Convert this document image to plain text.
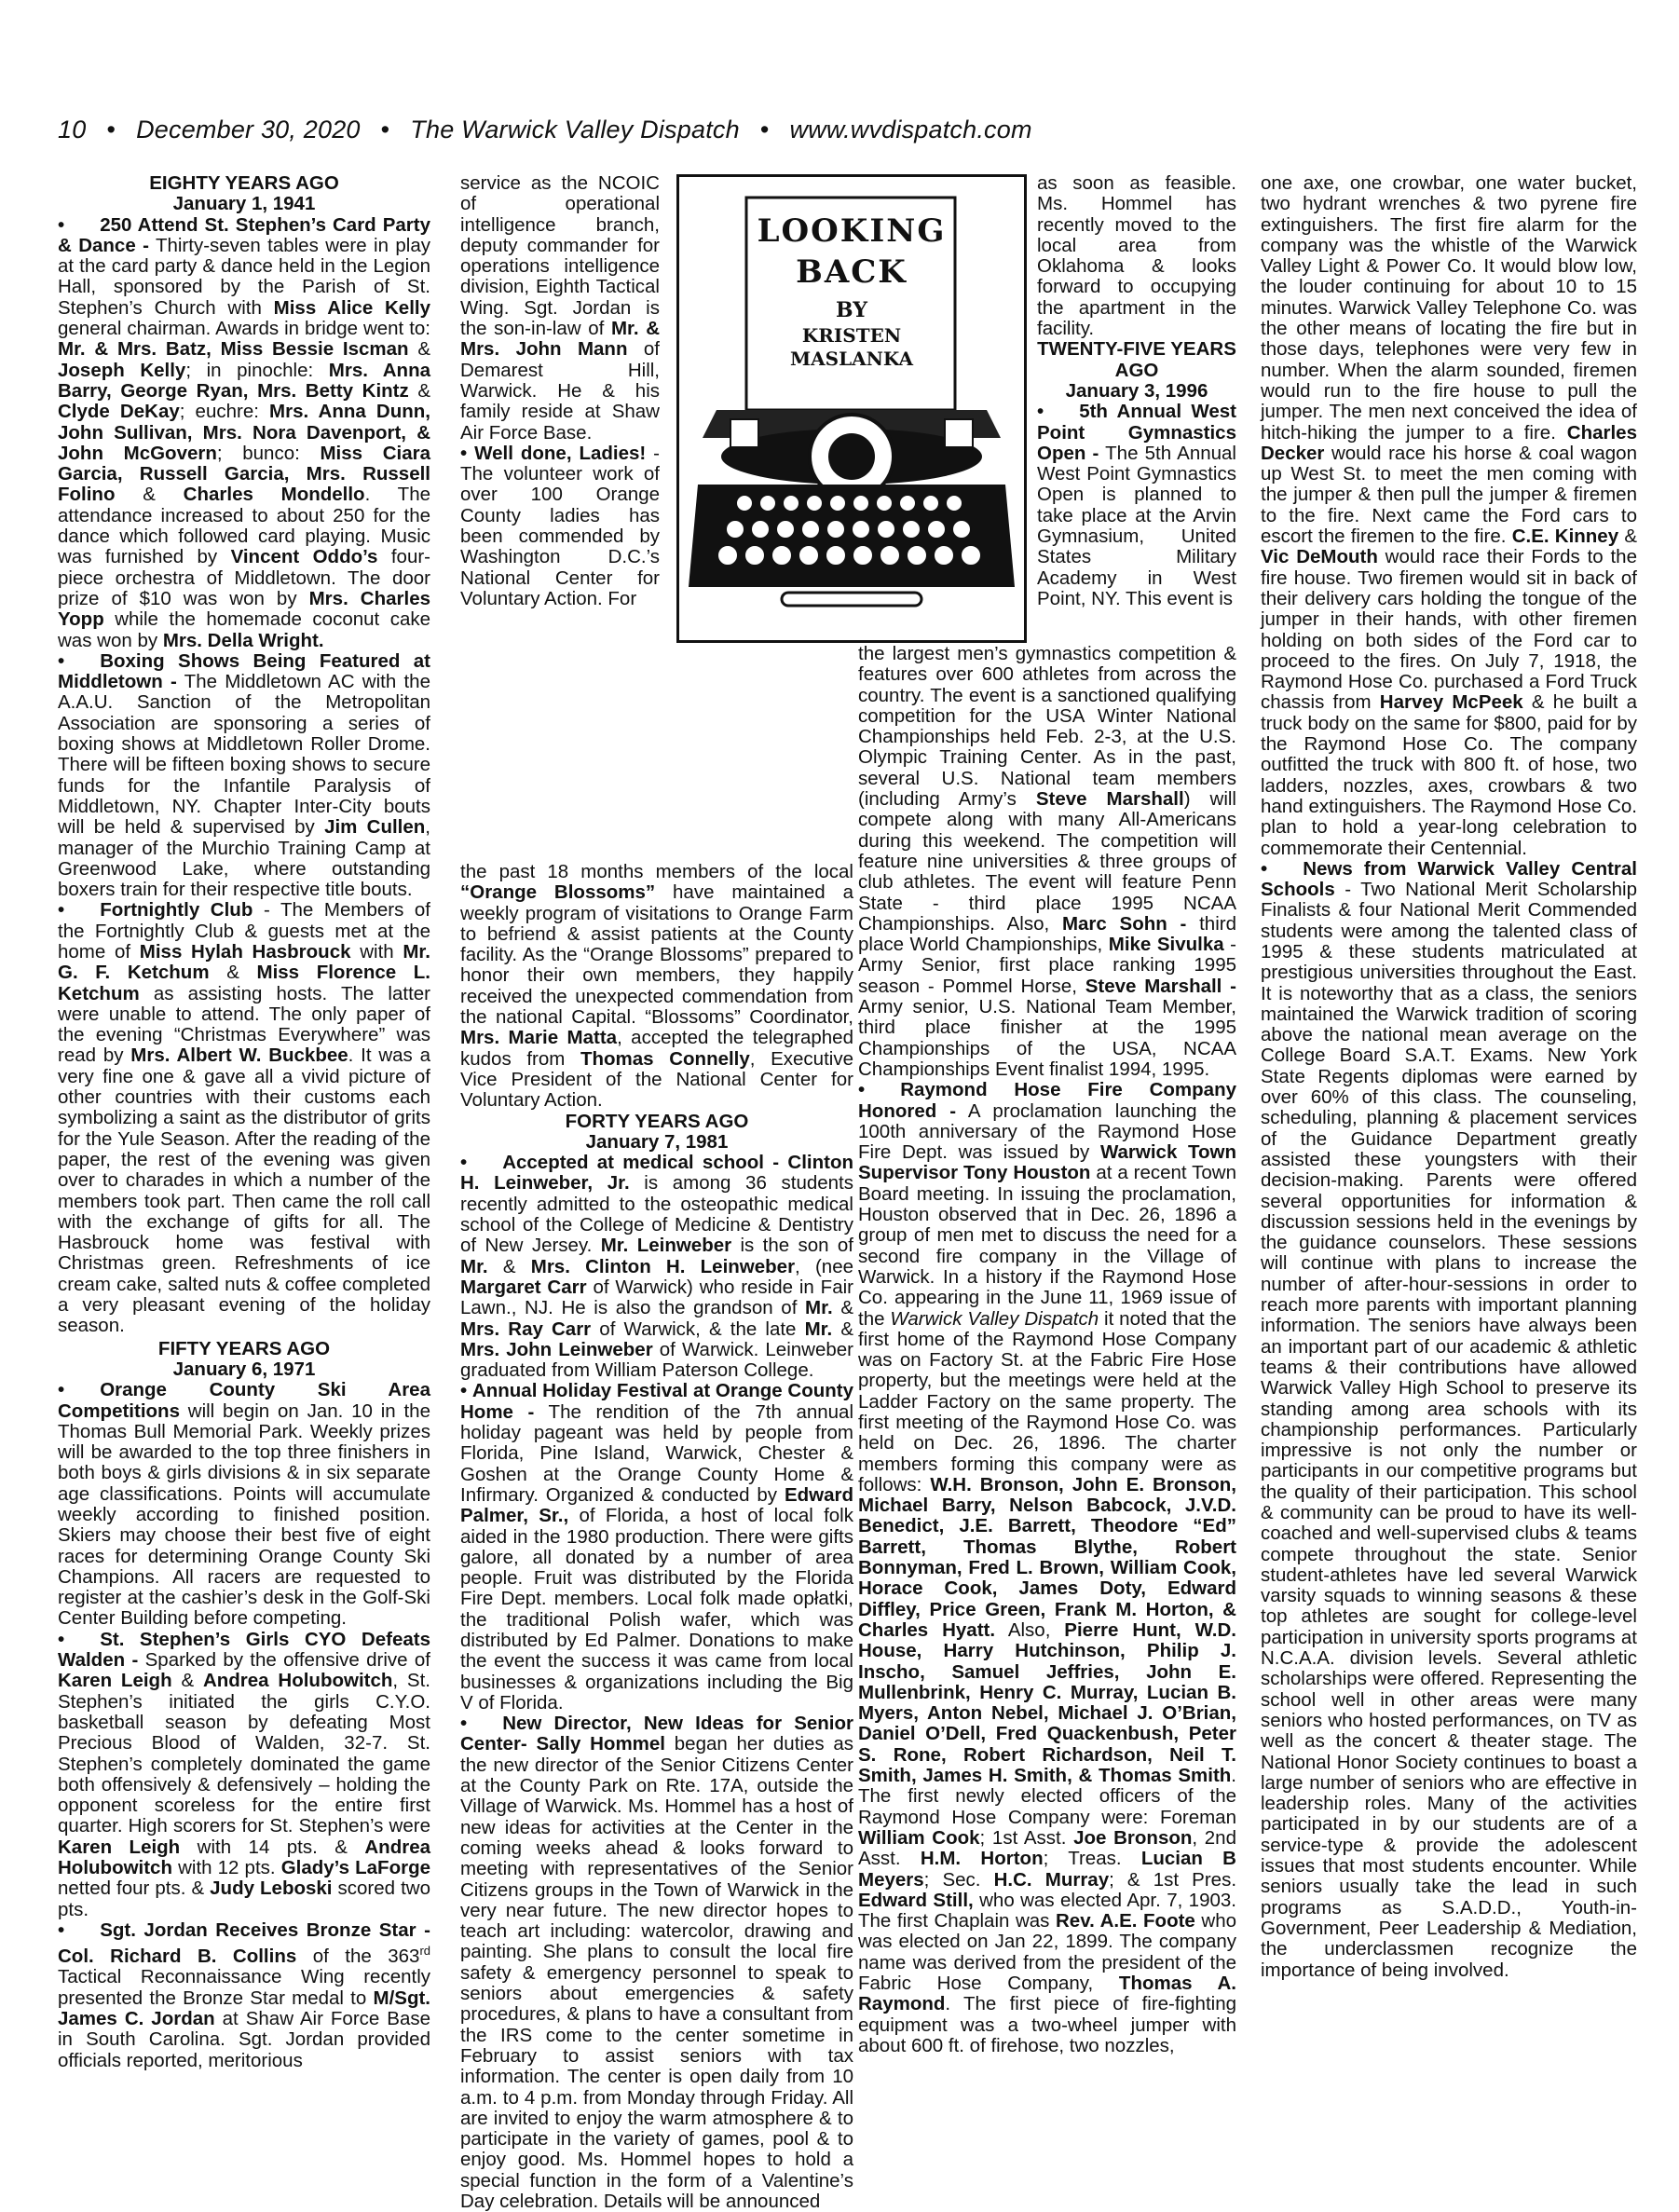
10 • December 30, 2020 • The Warwick Valley Dispatch • www.wvdispatch.com

EIGHTY YEARS AGO

January 1, 1941

• 250 Attend St. Stephen’s Card Party & Dance - Thirty-seven tables were in play at the card party & dance held in the Legion Hall, sponsored by the Parish of St. Stephen’s Church with Miss Alice Kelly general chairman. Awards in bridge went to: Mr. & Mrs. Batz, Miss Bessie Iscman & Joseph Kelly; in pinochle: Mrs. Anna Barry, George Ryan, Mrs. Betty Kintz & Clyde DeKay; euchre: Mrs. Anna Dunn, John Sullivan, Mrs. Nora Davenport, & John McGovern; bunco: Miss Ciara Garcia, Russell Garcia, Mrs. Russell Folino & Charles Mondello. The attendance increased to about 250 for the dance which followed card playing. Music was furnished by Vincent Oddo’s four-piece orchestra of Middletown. The door prize of $10 was won by Mrs. Charles Yopp while the homemade coconut cake was won by Mrs. Della Wright.

• Boxing Shows Being Featured at Middletown - The Middletown AC with the A.A.U. Sanction of the Metropolitan Association are sponsoring a series of boxing shows at Middletown Roller Drome. There will be fifteen boxing shows to secure funds for the Infantile Paralysis of Middletown, NY. Chapter Inter-City bouts will be held & supervised by Jim Cullen, manager of the Murchio Training Camp at Greenwood Lake, where outstanding boxers train for their respective title bouts.

• Fortnightly Club - The Members of the Fortnightly Club & guests met at the home of Miss Hylah Hasbrouck with Mr. G. F. Ketchum & Miss Florence L. Ketchum as assisting hosts. The latter were unable to attend. The only paper of the evening “Christmas Everywhere” was read by Mrs. Albert W. Buckbee. It was a very fine one & gave all a vivid picture of other countries with their customs each symbolizing a saint as the distributor of grits for the Yule Season. After the reading of the paper, the rest of the evening was given over to charades in which a number of the members took part. Then came the roll call with the exchange of gifts for all. The Hasbrouck home was festival with Christmas green. Refreshments of ice cream cake, salted nuts & coffee completed a very pleasant evening of the holiday season.

FIFTY YEARS AGO

January 6, 1971

• Orange County Ski Area Competitions will begin on Jan. 10 in the Thomas Bull Memorial Park. Weekly prizes will be awarded to the top three finishers in both boys & girls divisions & in six separate age classifications. Points will accumulate weekly according to finished position. Skiers may choose their best five of eight races for determining Orange County Ski Champions. All racers are requested to register at the cashier’s desk in the Golf-Ski Center Building before competing.

• St. Stephen’s Girls CYO Defeats Walden - Sparked by the offensive drive of Karen Leigh & Andrea Holubowitch, St. Stephen’s initiated the girls C.Y.O. basketball season by defeating Most Precious Blood of Walden, 32-7. St. Stephen’s completely dominated the game both offensively & defensively – holding the opponent scoreless for the entire first quarter. High scorers for St. Stephen’s were Karen Leigh with 14 pts. & Andrea Holubowitch with 12 pts. Glady’s LaForge netted four pts. & Judy Leboski scored two pts.

• Sgt. Jordan Receives Bronze Star - Col. Richard B. Collins of the 363rd Tactical Reconnaissance Wing recently presented the Bronze Star medal to M/Sgt. James C. Jordan at Shaw Air Force Base in South Carolina. Sgt. Jordan provided officials reported, meritorious

service as the NCOIC of operational intelligence branch, deputy commander for operations intelligence division, Eighth Tactical Wing. Sgt. Jordan is the son-in-law of Mr. & Mrs. John Mann of Demarest Hill, Warwick. He & his family reside at Shaw Air Force Base.

• Well done, Ladies! - The volunteer work of over 100 Orange County ladies has been commended by Washington D.C.’s National Center for Voluntary Action. For

the past 18 months members of the local “Orange Blossoms” have maintained a weekly program of visitations to Orange Farm to befriend & assist patients at the County facility. As the “Orange Blossoms” prepared to honor their own members, they happily received the unexpected commendation from the national Capital. “Blossoms” Coordinator, Mrs. Marie Matta, accepted the telegraphed kudos from Thomas Connelly, Executive Vice President of the National Center for Voluntary Action.

FORTY YEARS AGO

January 7, 1981

• Accepted at medical school - Clinton H. Leinweber, Jr. is among 36 students recently admitted to the osteopathic medical school of the College of Medicine & Dentistry of New Jersey. Mr. Leinweber is the son of Mr. & Mrs. Clinton H. Leinweber, (nee Margaret Carr of Warwick) who reside in Fair Lawn., NJ. He is also the grandson of Mr. & Mrs. Ray Carr of Warwick, & the late Mr. & Mrs. John Leinweber of Warwick. Leinweber graduated from William Paterson College.

• Annual Holiday Festival at Orange County Home - The rendition of the 7th annual holiday pageant was held by people from Florida, Pine Island, Warwick, Chester & Goshen at the Orange County Home & Infirmary. Organized & conducted by Edward Palmer, Sr., of Florida, a host of local folk aided in the 1980 production. There were gifts galore, all donated by a number of area people. Fruit was distributed by the Florida Fire Dept. members. Local folk made opłatki, the traditional Polish wafer, which was distributed by Ed Palmer. Donations to make the event the success it was came from local businesses & organizations including the Big V of Florida.

• New Director, New Ideas for Senior Center- Sally Hommel began her duties as the new director of the Senior Citizens Center at the County Park on Rte. 17A, outside the Village of Warwick. Ms. Hommel has a host of new ideas for activities at the Center in the coming weeks ahead & looks forward to meeting with representatives of the Senior Citizens groups in the Town of Warwick in the very near future. The new director hopes to teach art including: watercolor, drawing and painting. She plans to consult the local fire safety & emergency personnel to speak to seniors about emergencies & safety procedures, & plans to have a consultant from the IRS come to the center sometime in February to assist seniors with tax information. The center is open daily from 10 a.m. to 4 p.m. from Monday through Friday. All are invited to enjoy the warm atmosphere & to participate in the variety of games, pool & to enjoy good. Ms. Hommel hopes to hold a special function in the form of a Valentine’s Day celebration. Details will be announced

LOOKING
BACK
BY
KRISTEN
MASLANKA

as soon as feasible. Ms. Hommel has recently moved to the local area from Oklahoma & looks forward to occupying the apartment in the facility.

TWENTY-FIVE YEARS AGO

January 3, 1996

• 5th Annual West Point Gymnastics Open - The 5th Annual West Point Gymnastics Open is planned to take place at the Arvin Gymnasium, United States Military Academy in West Point, NY. This event is

the largest men’s gymnastics competition & features over 600 athletes from across the country. The event is a sanctioned qualifying competition for the USA Winter National Championships held Feb. 2-3, at the U.S. Olympic Training Center. As in the past, several U.S. National team members (including Army’s Steve Marshall) will compete along with many All-Americans during this weekend. The competition will feature nine universities & three groups of club athletes. The event will feature Penn State - third place 1995 NCAA Championships. Also, Marc Sohn - third place World Championships, Mike Sivulka - Army Senior, first place ranking 1995 season - Pommel Horse, Steve Marshall - Army senior, U.S. National Team Member, third place finisher at the 1995 Championships of the USA, NCAA Championships Event finalist 1994, 1995.

• Raymond Hose Fire Company Honored - A proclamation launching the 100th anniversary of the Raymond Hose Fire Dept. was issued by Warwick Town Supervisor Tony Houston at a recent Town Board meeting. In issuing the proclamation, Houston observed that in Dec. 26, 1896 a group of men met to discuss the need for a second fire company in the Village of Warwick. In a history if the Raymond Hose Co. appearing in the June 11, 1969 issue of the Warwick Valley Dispatch it noted that the first home of the Raymond Hose Company was on Factory St. at the Fabric Fire Hose property, but the meetings were held at the Ladder Factory on the same property. The first meeting of the Raymond Hose Co. was held on Dec. 26, 1896. The charter members forming this company were as follows: W.H. Bronson, John E. Bronson, Michael Barry, Nelson Babcock, J.V.D. Benedict, J.E. Barrett, Theodore “Ed” Barrett, Thomas Blythe, Robert Bonnyman, Fred L. Brown, William Cook, Horace Cook, James Doty, Edward Diffley, Price Green, Frank M. Horton, & Charles Hyatt. Also, Pierre Hunt, W.D. House, Harry Hutchinson, Philip J. Inscho, Samuel Jeffries, John E. Mullenbrink, Henry C. Murray, Lucian B. Myers, Anton Nebel, Michael J. O’Brian, Daniel O’Dell, Fred Quackenbush, Peter S. Rone, Robert Richardson, Neil T. Smith, James H. Smith, & Thomas Smith. The first newly elected officers of the Raymond Hose Company were: Foreman William Cook; 1st Asst. Joe Bronson, 2nd Asst. H.M. Horton; Treas. Lucian B Meyers; Sec. H.C. Murray; & 1st Pres. Edward Still, who was elected Apr. 7, 1903. The first Chaplain was Rev. A.E. Foote who was elected on Jan 22, 1899. The company name was derived from the president of the Fabric Hose Company, Thomas A. Raymond. The first piece of fire-fighting equipment was a two-wheel jumper with about 600 ft. of firehose, two nozzles,

one axe, one crowbar, one water bucket, two hydrant wrenches & two pyrene fire extinguishers. The first fire alarm for the company was the whistle of the Warwick Valley Light & Power Co. It would blow low, the louder continuing for about 10 to 15 minutes. Warwick Valley Telephone Co. was the other means of locating the fire but in those days, telephones were very few in number. When the alarm sounded, firemen would run to the fire house to pull the jumper. The men next conceived the idea of hitch-hiking the jumper to a fire. Charles Decker would race his horse & coal wagon up West St. to meet the men coming with the jumper & then pull the jumper & firemen to the fire. Next came the Ford cars to escort the firemen to the fire. C.E. Kinney & Vic DeMouth would race their Fords to the fire house. Two firemen would sit in back of their delivery cars holding the tongue of the jumper in their hands, with other firemen holding on both sides of the Ford car to proceed to the fires. On July 7, 1918, the Raymond Hose Co. purchased a Ford Truck chassis from Harvey McPeek & he built a truck body on the same for $800, paid for by the Raymond Hose Co. The company outfitted the truck with 800 ft. of hose, two ladders, nozzles, axes, crowbars & two hand extinguishers. The Raymond Hose Co. plan to hold a year-long celebration to commemorate their Centennial.

• News from Warwick Valley Central Schools - Two National Merit Scholarship Finalists & four National Merit Commended students were among the talented class of 1995 & these students matriculated at prestigious universities throughout the East. It is noteworthy that as a class, the seniors maintained the Warwick tradition of scoring above the national mean average on the College Board S.A.T. Exams. New York State Regents diplomas were earned by over 60% of this class. The counseling, scheduling, planning & placement services of the Guidance Department greatly assisted these youngsters with their decision-making. Parents were offered several opportunities for information & discussion sessions held in the evenings by the guidance counselors. These sessions will continue with plans to increase the number of after-hour-sessions in order to reach more parents with important planning information. The seniors have always been an important part of our academic & athletic teams & their contributions have allowed Warwick Valley High School to preserve its standing among area schools with its championship performances. Particularly impressive is not only the number or participants in our competitive programs but the quality of their participation. This school & community can be proud to have its well-coached and well-supervised clubs & teams compete throughout the state. Senior student-athletes have led several Warwick varsity squads to winning seasons & these top athletes are sought for college-level participation in university sports programs at N.C.A.A. division levels. Several athletic scholarships were offered. Representing the school well in other areas were many seniors who hosted performances, on TV as well as the concert & theater stage. The National Honor Society continues to boast a large number of seniors who are effective in leadership roles. Many of the activities participated in by our students are of a service-type & provide the adolescent issues that most students encounter. While seniors usually take the lead in such programs as S.A.D.D., Youth-in-Government, Peer Leadership & Mediation, the underclassmen recognize the importance of being involved.
